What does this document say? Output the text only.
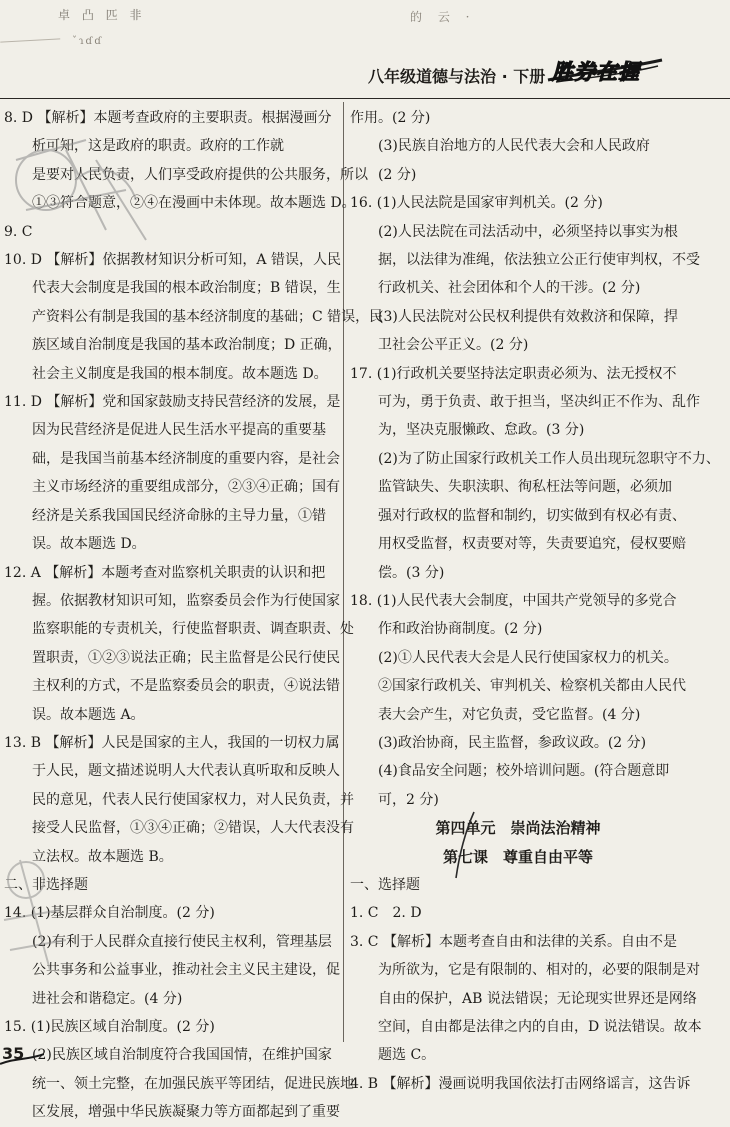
卓 凸 匹 非	的 云 ·
ˇɿɗɗ
八年级道德与法治 · 下册 胜券在握

8. D 【解析】本题考查政府的主要职责。根据漫画分

析可知，这是政府的职责。政府的工作就

是要对人民负责，人们享受政府提供的公共服务，所以

①③符合题意，②④在漫画中未体现。故本题选 D。

9. C

10. D 【解析】依据教材知识分析可知，A 错误，人民

代表大会制度是我国的根本政治制度；B 错误，生

产资料公有制是我国的基本经济制度的基础；C 错误，民

族区域自治制度是我国的基本政治制度；D 正确，

社会主义制度是我国的根本制度。故本题选 D。

11. D 【解析】党和国家鼓励支持民营经济的发展，是

因为民营经济是促进人民生活水平提高的重要基

础，是我国当前基本经济制度的重要内容，是社会

主义市场经济的重要组成部分，②③④正确；国有

经济是关系我国国民经济命脉的主导力量，①错

误。故本题选 D。

12. A 【解析】本题考查对监察机关职责的认识和把

握。依据教材知识可知，监察委员会作为行使国家

监察职能的专责机关，行使监督职责、调查职责、处

置职责，①②③说法正确；民主监督是公民行使民

主权利的方式，不是监察委员会的职责，④说法错

误。故本题选 A。

13. B 【解析】人民是国家的主人，我国的一切权力属

于人民，题文描述说明人大代表认真听取和反映人

民的意见，代表人民行使国家权力，对人民负责，并

接受人民监督，①③④正确；②错误，人大代表没有

立法权。故本题选 B。

二、非选择题

14. (1)基层群众自治制度。(2 分)

(2)有利于人民群众直接行使民主权利，管理基层

公共事务和公益事业，推动社会主义民主建设，促

进社会和谐稳定。(4 分)

15. (1)民族区域自治制度。(2 分)

(2)民族区域自治制度符合我国国情，在维护国家

统一、领土完整，在加强民族平等团结，促进民族地

区发展，增强中华民族凝聚力等方面都起到了重要

作用。(2 分)

(3)民族自治地方的人民代表大会和人民政府

(2 分)

16. (1)人民法院是国家审判机关。(2 分)

(2)人民法院在司法活动中，必须坚持以事实为根

据，以法律为准绳，依法独立公正行使审判权，不受

行政机关、社会团体和个人的干涉。(2 分)

(3)人民法院对公民权利提供有效救济和保障，捍

卫社会公平正义。(2 分)

17. (1)行政机关要坚持法定职责必须为、法无授权不

可为，勇于负责、敢于担当，坚决纠正不作为、乱作

为，坚决克服懒政、怠政。(3 分)

(2)为了防止国家行政机关工作人员出现玩忽职守不力、

监管缺失、失职渎职、徇私枉法等问题，必须加

强对行政权的监督和制约，切实做到有权必有责、

用权受监督，权责要对等，失责要追究，侵权要赔

偿。(3 分)

18. (1)人民代表大会制度，中国共产党领导的多党合

作和政治协商制度。(2 分)

(2)①人民代表大会是人民行使国家权力的机关。

②国家行政机关、审判机关、检察机关都由人民代

表大会产生，对它负责，受它监督。(4 分)

(3)政治协商，民主监督，参政议政。(2 分)

(4)食品安全问题；校外培训问题。(符合题意即

可，2 分)

第四单元　崇尚法治精神

第七课　尊重自由平等

一、选择题

1. C　2. D

3. C 【解析】本题考查自由和法律的关系。自由不是

为所欲为，它是有限制的、相对的，必要的限制是对

自由的保护，AB 说法错误；无论现实世界还是网络

空间，自由都是法律之内的自由，D 说法错误。故本

题选 C。

4. B 【解析】漫画说明我国依法打击网络谣言，这告诉

35
